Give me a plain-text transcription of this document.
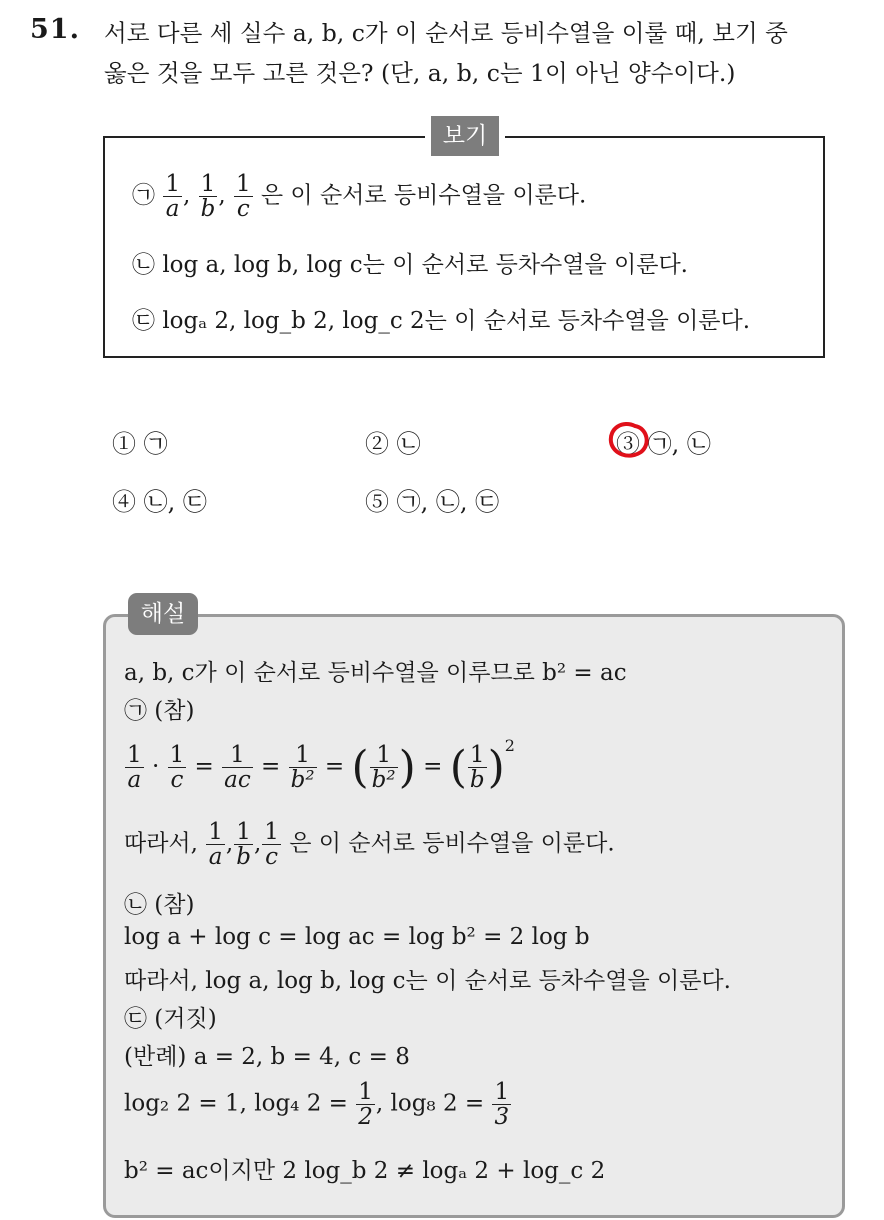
51. 서로 다른 세 실수 a, b, c가 이 순서로 등비수열을 이룰 때, 보기 중
옳은 것을 모두 고른 것은? (단, a, b, c는 1이 아닌 양수이다.)
보기
㉠ $\frac{1}{a}$ , $\frac{1}{b}$ , $\frac{1}{c}$ 은 이 순서로 등비수열을 이룬다.
㉡ log a, log b, log c는 이 순서로 등차수열을 이룬다.
㉢ logₐ 2, log_b 2, log_c 2는 이 순서로 등차수열을 이룬다.
① ㉠	② ㉡	③ ㉠, ㉡
④ ㉡, ㉢	⑤ ㉠, ㉡, ㉢
해설
a, b, c가 이 순서로 등비수열을 이루므로 b² = ac
㉠ (참)
$\frac{1}{a} \cdot \frac{1}{c} = \frac{1}{ac} = \frac{1}{\text{b²}}$ = ( $\frac{1}{\text{b²}}$ ) = ( $\frac{1}{b} )^2$
따라서, $\frac{1}{a}$ , $\frac{1}{b}$ , $\frac{1}{c}$ 은 이 순서로 등비수열을 이룬다.
㉡ (참)
log a + log c = log ac = log b² = 2 log b
따라서, log a, log b, log c는 이 순서로 등차수열을 이룬다.
㉢ (거짓)
(반례) a = 2, b = 4, c = 8
log₂ 2 = 1, log₄ $2 = \frac{1}{2}$ , log₈ $2 = \frac{1}{3}$
b² = ac이지만 2 log_b 2 ≠ logₐ 2 + log_c 2
